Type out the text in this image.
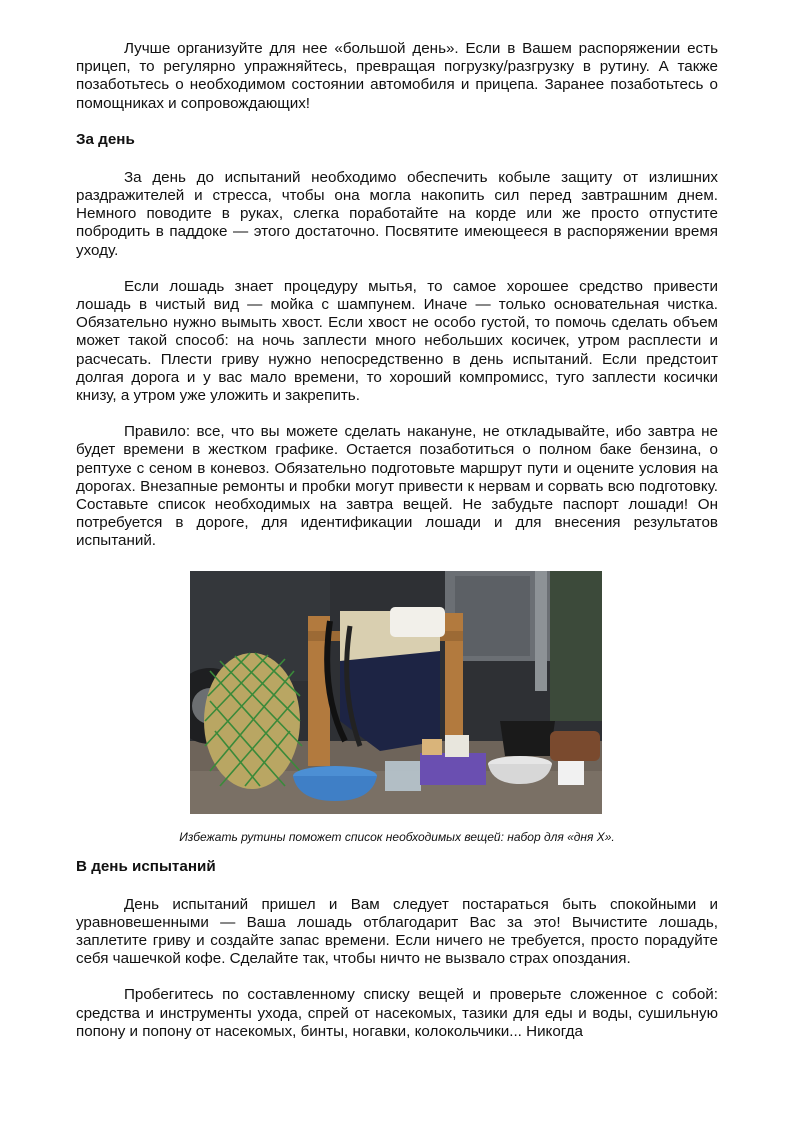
Лучше организуйте для нее «большой день». Если в Вашем распоряжении есть прицеп, то регулярно упражняйтесь, превращая погрузку/разгрузку в рутину. А также позаботьтесь о необходимом состоянии автомобиля и прицепа. Заранее позаботьтесь о помощниках и сопровождающих!

За день

За день до испытаний необходимо обеспечить кобыле защиту от излишних раздражителей и стресса, чтобы она могла накопить сил перед завтрашним днем. Немного поводите в руках, слегка поработайте на корде или же просто отпустите побродить в паддоке — этого достаточно. Посвятите имеющееся в распоряжении время уходу.

Если лошадь знает процедуру мытья, то самое хорошее средство привести лошадь в чистый вид — мойка с шампунем. Иначе — только основательная чистка. Обязательно нужно вымыть хвост. Если хвост не особо густой, то помочь сделать объем может такой способ: на ночь заплести много небольших косичек, утром расплести и расчесать. Плести гриву нужно непосредственно в день испытаний. Если предстоит долгая дорога и у вас мало времени, то хороший компромисс, туго заплести косички книзу, а утром уже уложить и закрепить.

Правило: все, что вы можете сделать накануне, не откладывайте, ибо завтра не будет времени в жестком графике. Остается позаботиться о полном баке бензина, о рептухе с сеном в коневоз. Обязательно подготовьте маршрут пути и оцените условия на дорогах. Внезапные ремонты и пробки могут привести к нервам и сорвать всю подготовку. Составьте список необходимых на завтра вещей. Не забудьте паспорт лошади! Он потребуется в дороге, для идентификации лошади и для внесения результатов испытаний.

Избежать рутины поможет список необходимых вещей: набор для «дня Х».

В день испытаний

День испытаний пришел и Вам следует постараться быть спокойными и уравновешенными — Ваша лошадь отблагодарит Вас за это! Вычистите лошадь, заплетите гриву и создайте запас времени. Если ничего не требуется, просто порадуйте себя чашечкой кофе. Сделайте так, чтобы ничто не вызвало страх опоздания.

Пробегитесь по составленному списку вещей и проверьте сложенное с собой: средства и инструменты ухода, спрей от насекомых, тазики для еды и воды, сушильную попону и попону от насекомых, бинты, ногавки, колокольчики... Никогда
